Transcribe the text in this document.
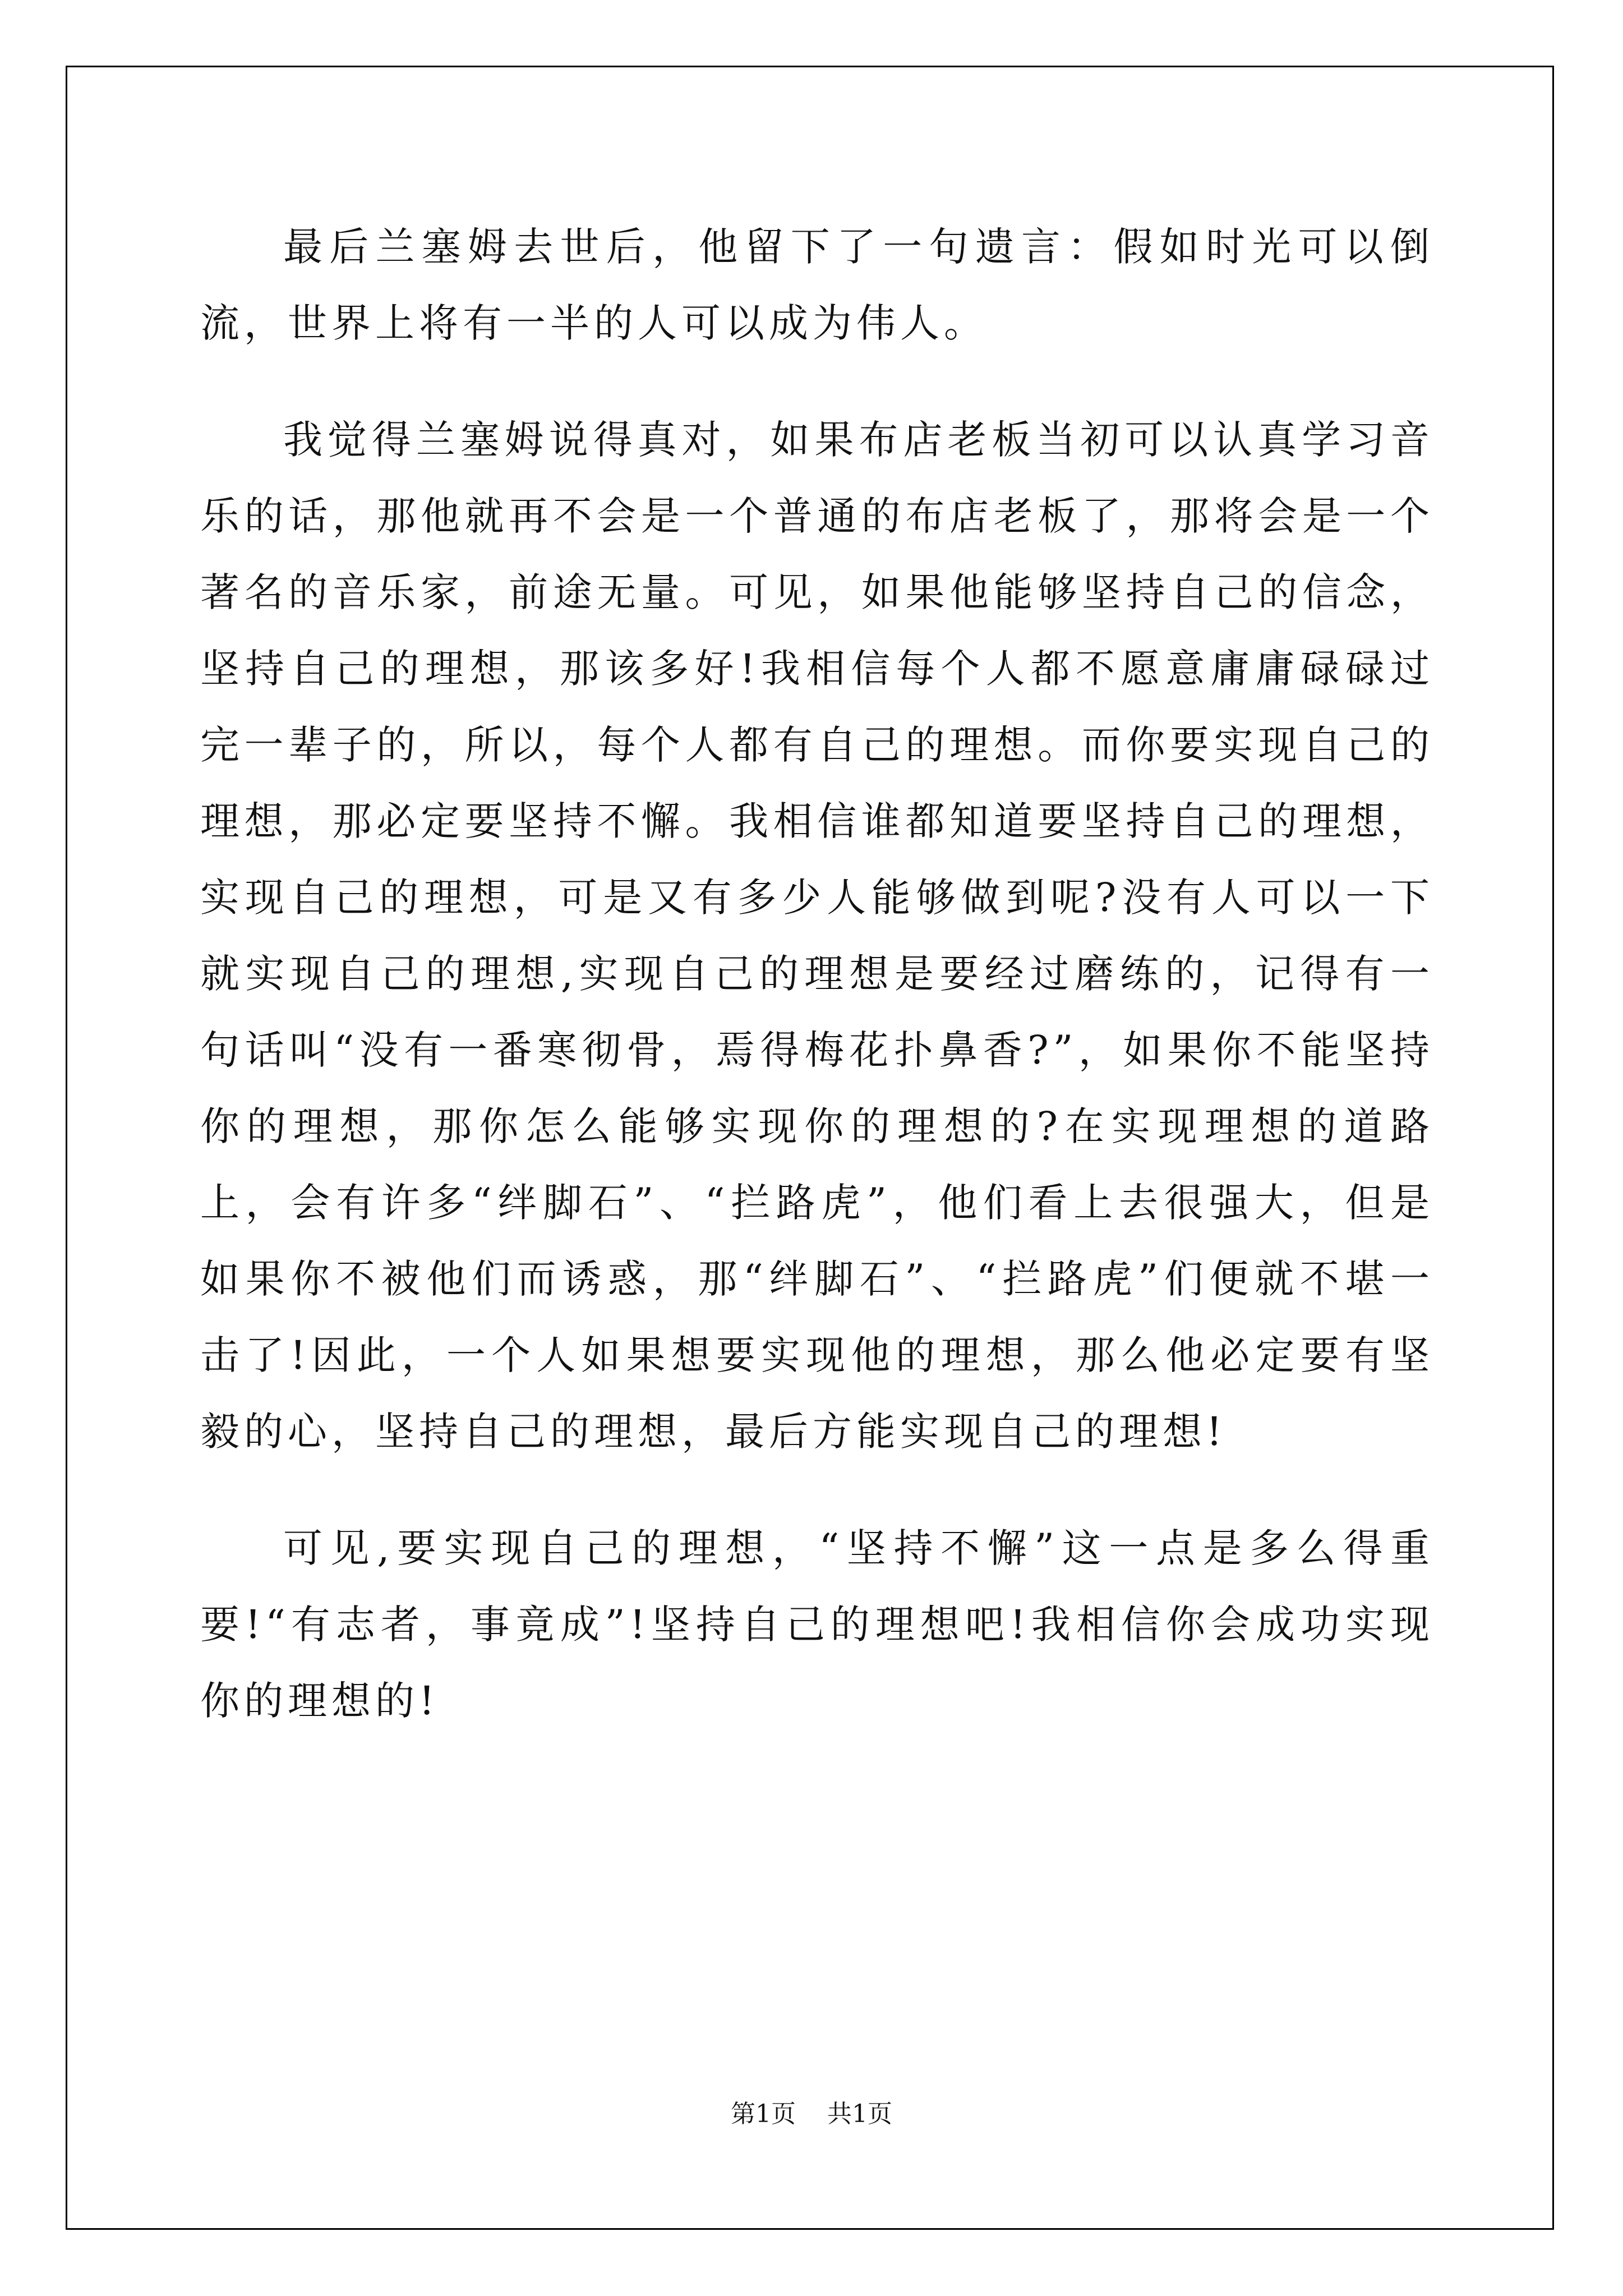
最后兰塞姆去世后，他留下了一句遗言：假如时光可以倒流，世界上将有一半的人可以成为伟人。

我觉得兰塞姆说得真对，如果布店老板当初可以认真学习音乐的话，那他就再不会是一个普通的布店老板了，那将会是一个著名的音乐家，前途无量。可见，如果他能够坚持自己的信念，坚持自己的理想，那该多好!我相信每个人都不愿意庸庸碌碌过完一辈子的，所以，每个人都有自己的理想。而你要实现自己的理想，那必定要坚持不懈。我相信谁都知道要坚持自己的理想，实现自己的理想，可是又有多少人能够做到呢?没有人可以一下就实现自己的理想,实现自己的理想是要经过磨练的，记得有一句话叫“没有一番寒彻骨，焉得梅花扑鼻香?”，如果你不能坚持你的理想，那你怎么能够实现你的理想的?在实现理想的道路上，会有许多“绊脚石”、“拦路虎”，他们看上去很强大，但是如果你不被他们而诱惑，那“绊脚石”、“拦路虎”们便就不堪一击了!因此，一个人如果想要实现他的理想，那么他必定要有坚毅的心，坚持自己的理想，最后方能实现自己的理想!

可见,要实现自己的理想，“坚持不懈”这一点是多么得重要!“有志者，事竟成”!坚持自己的理想吧!我相信你会成功实现你的理想的!

第1页 共1页
